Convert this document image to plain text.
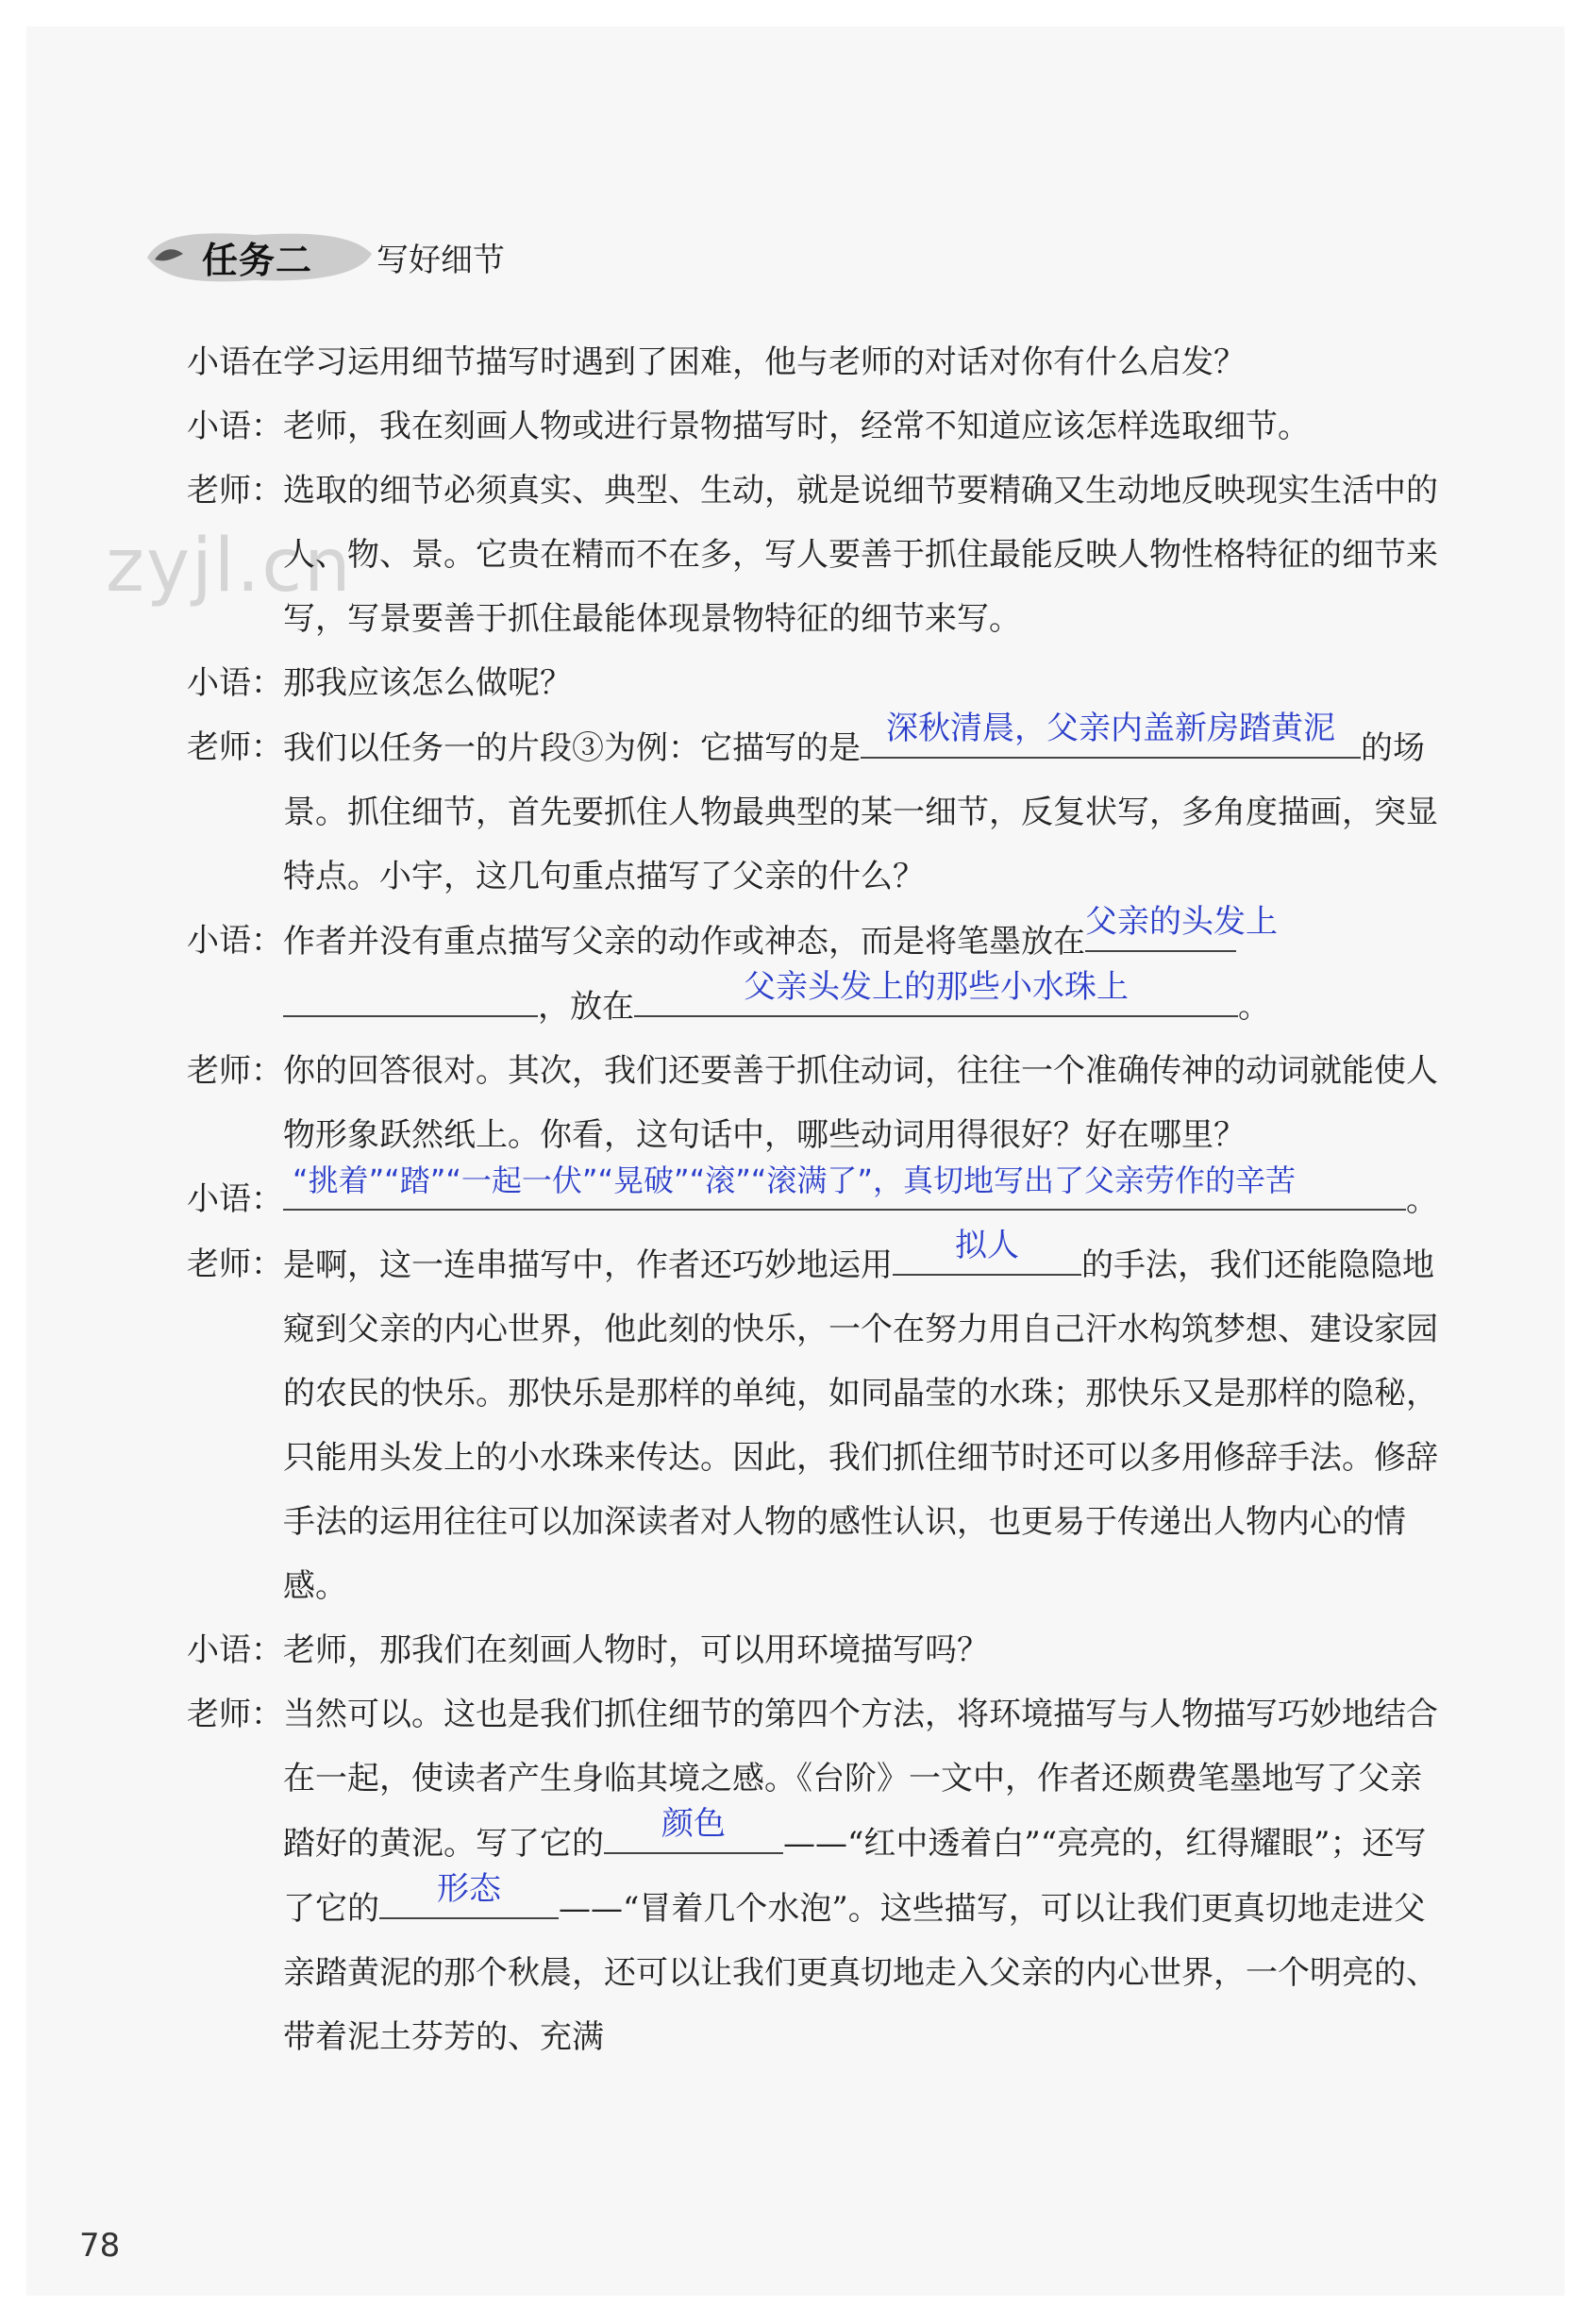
zyjl.cn
任务二 写好细节

小语在学习运用细节描写时遇到了困难，他与老师的对话对你有什么启发？

小语： 老师，我在刻画人物或进行景物描写时，经常不知道应该怎样选取细节。
老师： 选取的细节必须真实、典型、生动，就是说细节要精确又生动地反映现实生活中的人、物、景。它贵在精而不在多，写人要善于抓住最能反映人物性格特征的细节来写，写景要善于抓住最能体现景物特征的细节来写。
小语： 那我应该怎么做呢？
老师： 我们以任务一的片段③为例：它描写的是
深秋清晨，父亲内盖新房踏黄泥
的场景。抓住细节，首先要抓住人物最典型的某一细节，反复状写，多角度描画，突显特点。小宇，这几句重点描写了父亲的什么？
小语： 作者并没有重点描写父亲的动作或神态，而是将笔墨放在
父亲的头发上
，放在
父亲头发上的那些小水珠上
。
老师： 你的回答很对。其次，我们还要善于抓住动词，往往一个准确传神的动词就能使人物形象跃然纸上。你看，这句话中，哪些动词用得很好？好在哪里？
小语： “挑着”“踏”“一起一伏”“晃破”“滚”“滚满了”，真切地写出了父亲劳作的辛苦
。
老师： 是啊，这一连串描写中，作者还巧妙地运用
拟人
的手法，我们还能隐隐地窥到父亲的内心世界，他此刻的快乐，一个在努力用自己汗水构筑梦想、建设家园的农民的快乐。那快乐是那样的单纯，如同晶莹的水珠；那快乐又是那样的隐秘，只能用头发上的小水珠来传达。因此，我们抓住细节时还可以多用修辞手法。修辞手法的运用往往可以加深读者对人物的感性认识，也更易于传递出人物内心的情感。
小语： 老师，那我们在刻画人物时，可以用环境描写吗？
老师： 当然可以。这也是我们抓住细节的第四个方法，将环境描写与人物描写巧妙地结合在一起，使读者产生身临其境之感。《台阶》一文中，作者还颇费笔墨地写了父亲踏好的黄泥。写了它的
颜色
——“红中透着白”“亮亮的，红得耀眼”；还写了它的
形态
——“冒着几个水泡”。这些描写，可以让我们更真切地走进父亲踏黄泥的那个秋晨，还可以让我们更真切地走入父亲的内心世界，一个明亮的、带着泥土芬芳的、充满
78
